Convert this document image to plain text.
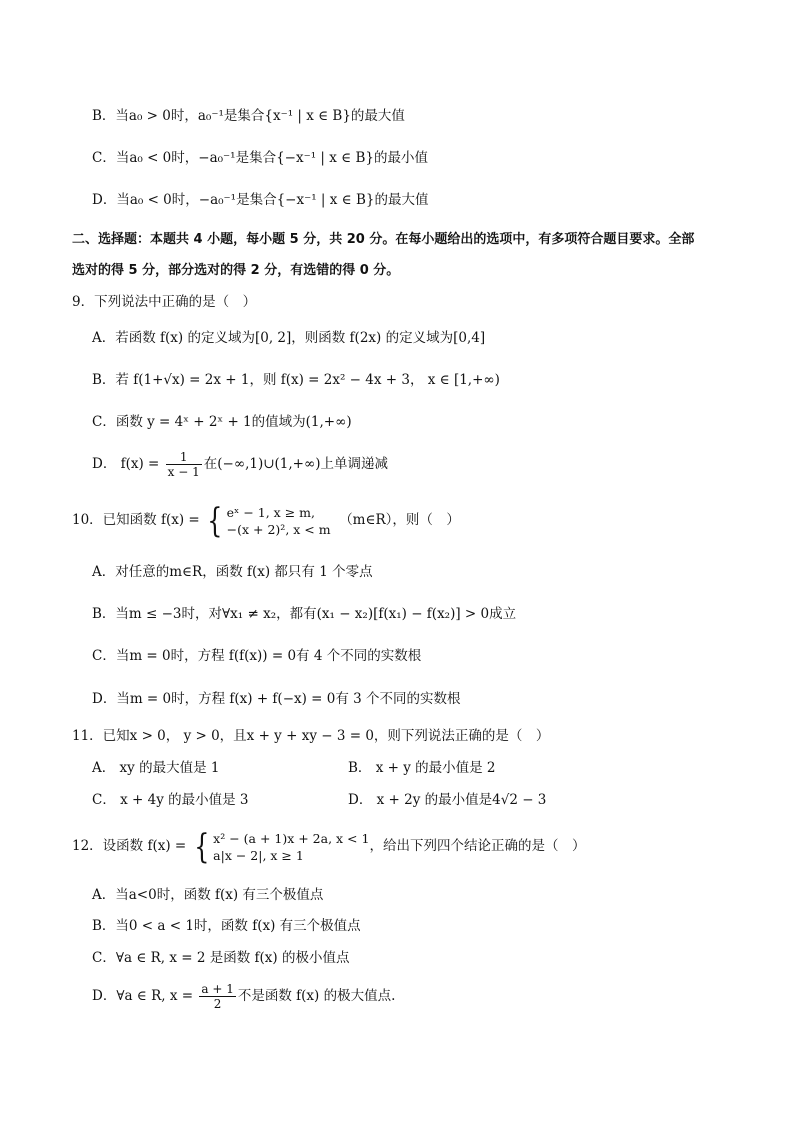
B．当a₀ > 0时，a₀⁻¹是集合{x⁻¹ | x ∈ B}的最大值
C．当a₀ < 0时，−a₀⁻¹是集合{−x⁻¹ | x ∈ B}的最小值
D．当a₀ < 0时，−a₀⁻¹是集合{−x⁻¹ | x ∈ B}的最大值
二、选择题：本题共 4 小题，每小题 5 分，共 20 分。在每小题给出的选项中，有多项符合题目要求。全部
选对的得 5 分，部分选对的得 2 分，有选错的得 0 分。
9．下列说法中正确的是（　）
A．若函数 f(x) 的定义域为[0, 2]，则函数 f(2x) 的定义域为[0,4]
B．若 f(1+√x) = 2x + 1，则 f(x) = 2x² − 4x + 3， x ∈ [1,+∞)
C．函数 y = 4ˣ + 2ˣ + 1的值域为(1,+∞)
D． $f(x) = \frac{1}{x - 1}$ 在(−∞,1)∪(1,+∞)上单调递减
10．已知函数 f(x) = { eˣ − 1, x ≥ m,
−(x + 2)², x < m
（m∈R），则（　）
A．对任意的m∈R，函数 f(x) 都只有 1 个零点
B．当m ≤ −3时，对∀x₁ ≠ x₂，都有(x₁ − x₂)[f(x₁) − f(x₂)] > 0成立
C．当m = 0时，方程 f(f(x)) = 0有 4 个不同的实数根
D．当m = 0时，方程 f(x) + f(−x) = 0有 3 个不同的实数根
11．已知x > 0， y > 0，且x + y + xy − 3 = 0，则下列说法正确的是（　）
A． xy 的最大值是 1	B． x + y 的最小值是 2
C． x + 4y 的最小值是 3	D． x + 2y 的最小值是4√2 − 3
12．设函数 f(x) = { x² − (a + 1)x + 2a, x < 1
a|x − 2|, x ≥ 1
，给出下列四个结论正确的是（　）
A．当a<0时，函数 f(x) 有三个极值点
B．当0 < a < 1时，函数 f(x) 有三个极值点
C．∀a ∈ R, x = 2 是函数 f(x) 的极小值点
D．∀a ∈ R, $x = \frac{a + 1}{2}$ 不是函数 f(x) 的极大值点.
